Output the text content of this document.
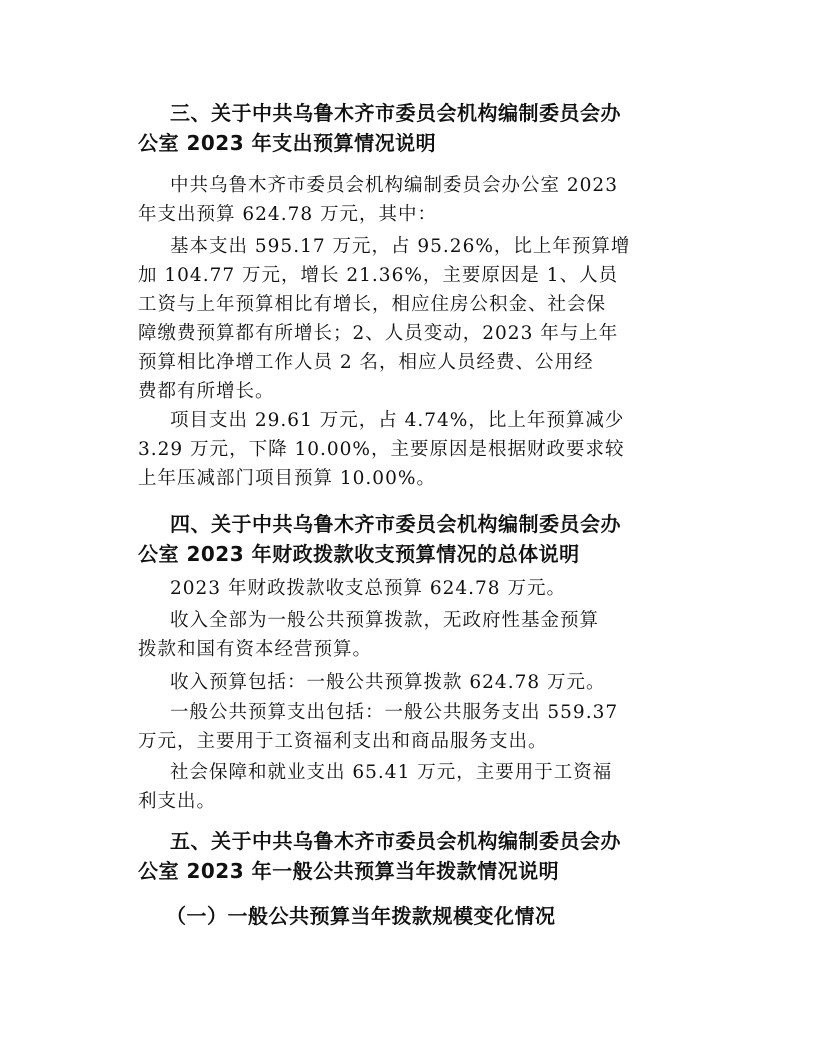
三、关于中共乌鲁木齐市委员会机构编制委员会办
公室 2023 年支出预算情况说明
中共乌鲁木齐市委员会机构编制委员会办公室 2023
年支出预算 624.78 万元，其中：
基本支出 595.17 万元，占 95.26%，比上年预算增
加 104.77 万元，增长 21.36%，主要原因是 1、人员
工资与上年预算相比有增长，相应住房公积金、社会保
障缴费预算都有所增长；2、人员变动，2023 年与上年
预算相比净增工作人员 2 名，相应人员经费、公用经
费都有所增长。
项目支出 29.61 万元，占 4.74%，比上年预算减少
3.29 万元，下降 10.00%，主要原因是根据财政要求较
上年压减部门项目预算 10.00%。
四、关于中共乌鲁木齐市委员会机构编制委员会办
公室 2023 年财政拨款收支预算情况的总体说明
2023 年财政拨款收支总预算 624.78 万元。
收入全部为一般公共预算拨款，无政府性基金预算
拨款和国有资本经营预算。
收入预算包括：一般公共预算拨款 624.78 万元。
一般公共预算支出包括：一般公共服务支出 559.37
万元，主要用于工资福利支出和商品服务支出。
社会保障和就业支出 65.41 万元，主要用于工资福
利支出。
五、关于中共乌鲁木齐市委员会机构编制委员会办
公室 2023 年一般公共预算当年拨款情况说明
（一）一般公共预算当年拨款规模变化情况
